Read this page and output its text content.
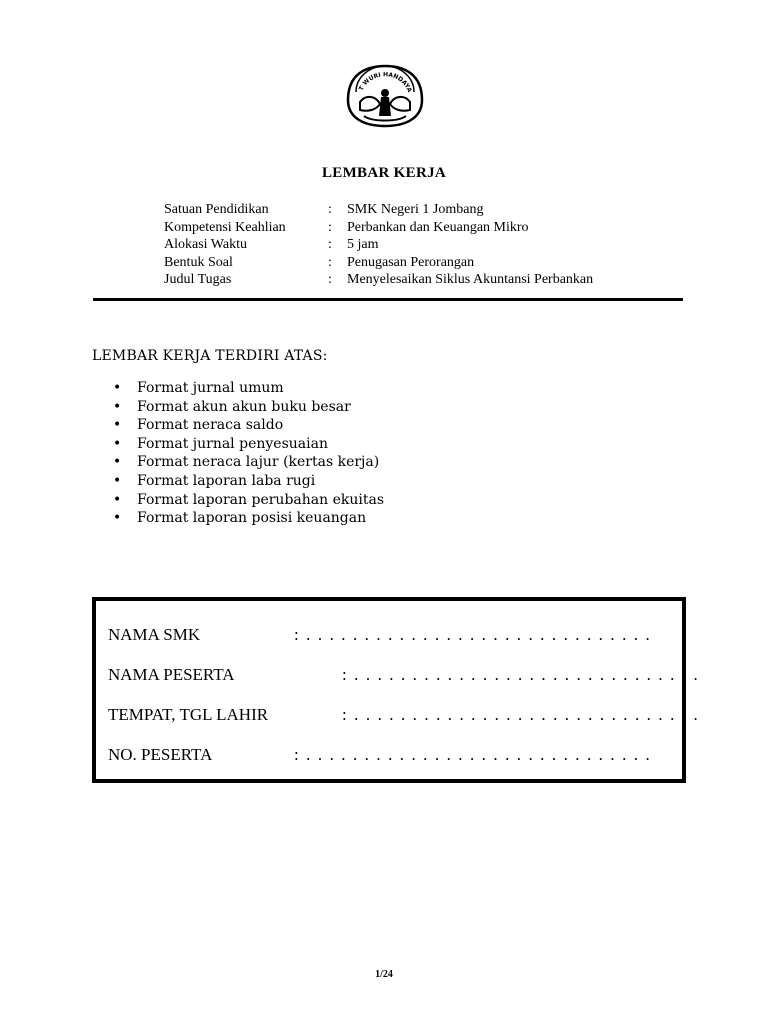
T WURI HANDAYA
LEMBAR KERJA
Satuan Pendidikan	: SMK Negeri 1 Jombang
Kompetensi Keahlian	: Perbankan dan Keuangan Mikro
Alokasi Waktu	: 5 jam
Bentuk Soal	: Penugasan Perorangan
Judul Tugas	: Menyelesaikan Siklus Akuntansi Perbankan
LEMBAR KERJA TERDIRI ATAS:
• Format jurnal umum
• Format akun akun buku besar
• Format neraca saldo
• Format jurnal penyesuaian
• Format neraca lajur (kertas kerja)
• Format laporan laba rugi
• Format laporan perubahan ekuitas
• Format laporan posisi keuangan
NAMA SMK	: . . . . . . . . . . . . . . . . . . . . . . . . . . . . . .
NAMA PESERTA	: . . . . . . . . . . . . . . . . . . . . . . . . . . . . . .
TEMPAT, TGL LAHIR	: . . . . . . . . . . . . . . . . . . . . . . . . . . . . . .
NO. PESERTA	: . . . . . . . . . . . . . . . . . . . . . . . . . . . . . .
1/24
